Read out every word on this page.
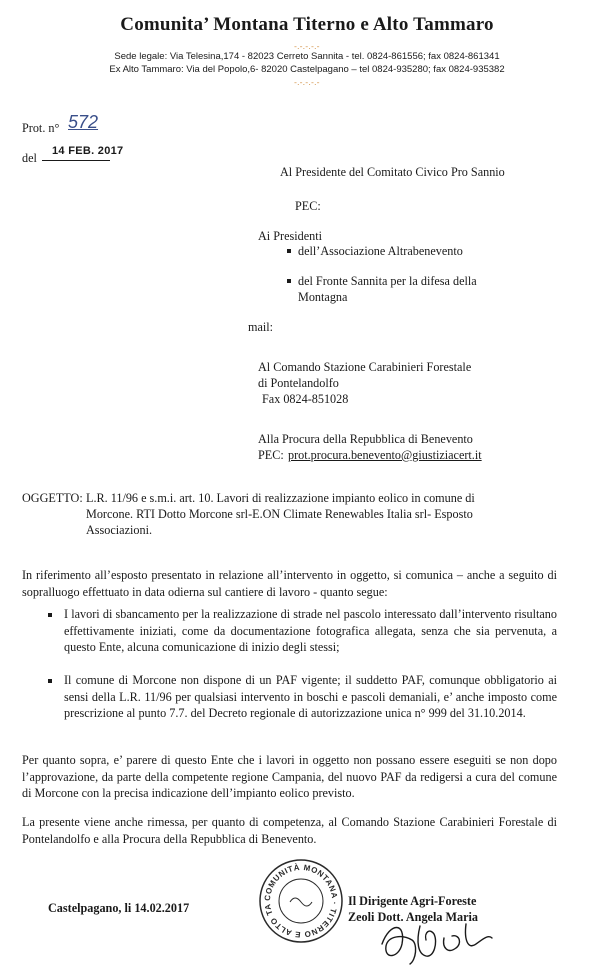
Comunita’ Montana Titerno e Alto Tammaro
-.-.-.-.-
Sede legale: Via Telesina,174 - 82023 Cerreto Sannita - tel. 0824-861556; fax 0824-861341
Ex Alto Tammaro: Via del Popolo,6- 82020 Castelpagano – tel 0824-935280; fax 0824-935382
-.-.-.-.-
Prot. n° 572
del 14 FEB. 2017
Al Presidente del Comitato Civico Pro Sannio
PEC:
Ai Presidenti
dell’Associazione Altrabenevento
del Fronte Sannita per la difesa della
Montagna
mail:
Al Comando Stazione Carabinieri Forestale
di Pontelandolfo
Fax 0824-851028
Alla Procura della Repubblica di Benevento
PEC: prot.procura.benevento@giustiziacert.it
OGGETTO: L.R. 11/96 e s.m.i. art. 10. Lavori di realizzazione impianto eolico in comune di
Morcone. RTI Dotto Morcone srl-E.ON Climate Renewables Italia srl- Esposto
Associazioni.
In riferimento all’esposto presentato in relazione all’intervento in oggetto, si comunica – anche a seguito di sopralluogo effettuato in data odierna sul cantiere di lavoro - quanto segue:
I lavori di sbancamento per la realizzazione di strade nel pascolo interessato dall’intervento risultano effettivamente iniziati, come da documentazione fotografica allegata, senza che sia pervenuta, a questo Ente, alcuna comunicazione di inizio degli stessi;
Il comune di Morcone non dispone di un PAF vigente; il suddetto PAF, comunque obbligatorio ai sensi della L.R. 11/96 per qualsiasi intervento in boschi e pascoli demaniali, e’ anche imposto come prescrizione al punto 7.7. del Decreto regionale di autorizzazione unica n° 999 del 31.10.2014.
Per quanto sopra, e’ parere di questo Ente che i lavori in oggetto non possano essere eseguiti se non dopo l’approvazione, da parte della competente regione Campania, del nuovo PAF da redigersi a cura del comune di Morcone con la precisa indicazione dell’impianto eolico previsto.
La presente viene anche rimessa, per quanto di competenza, al Comando Stazione Carabinieri Forestale di Pontelandolfo e alla Procura della Repubblica di Benevento.
Castelpagano, li 14.02.2017
COMUNITÀ MONTANA · TITERNO E ALTO TA	Il Dirigente Agri-Foreste
Zeoli Dott. Angela Maria
